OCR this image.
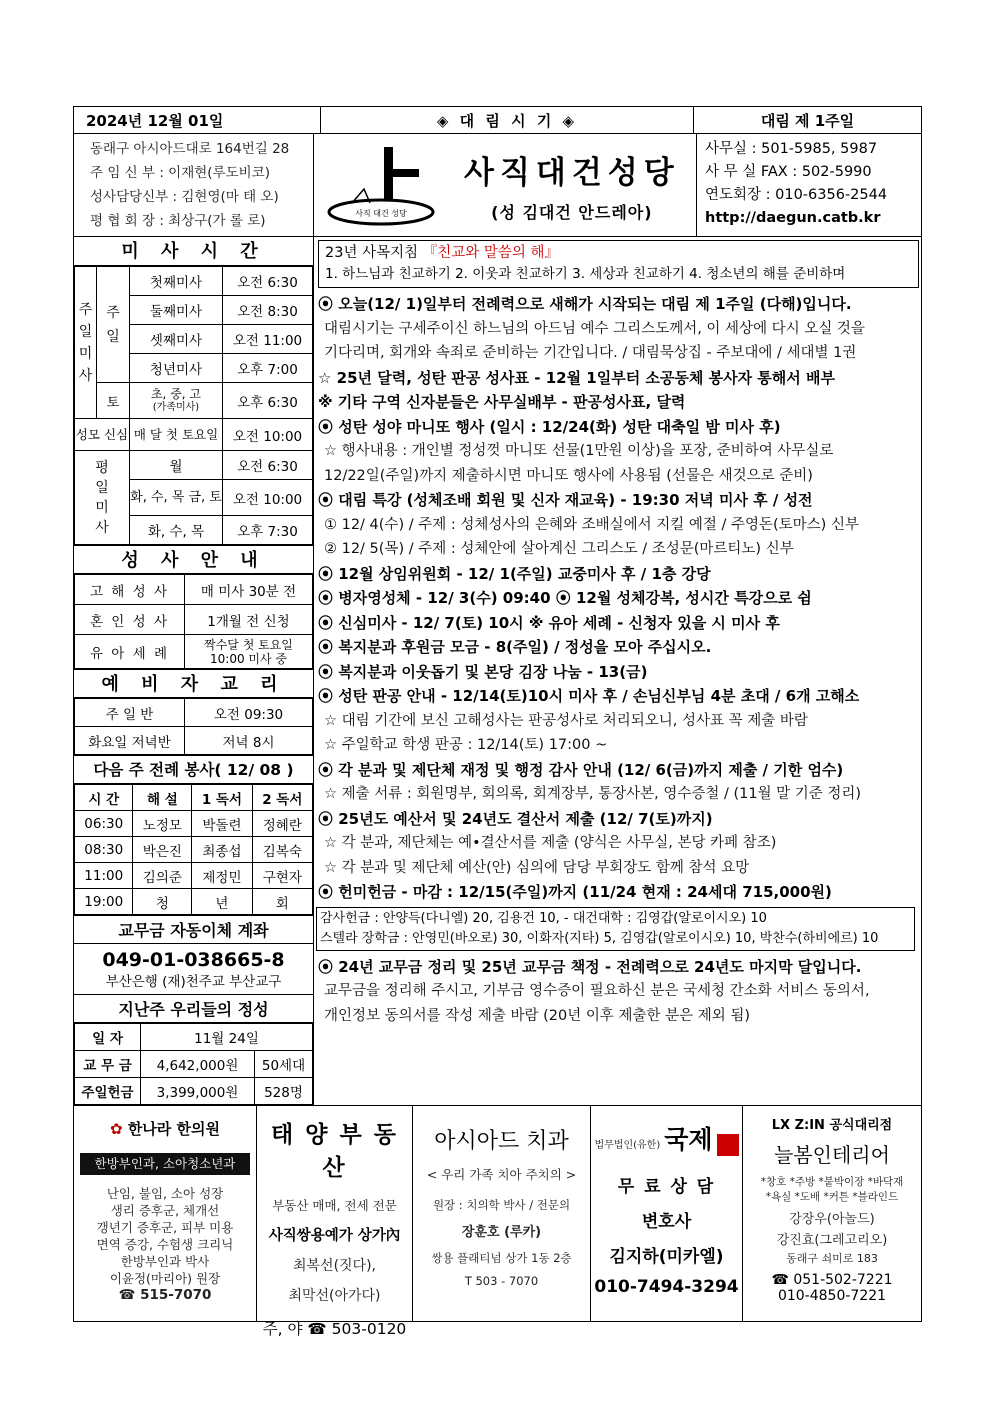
2024년 12월 01일	◈ 대 림 시 기 ◈	대림 제 1주일
동래구 아시아드대로 164번길 28
주 임 신 부 : 이재현(루도비코)
성사담당신부 : 김현영(마 태 오)
평 협 회 장 : 최상구(가 롤 로)	사직 대건 성당
사직대건성당
(성 김대건 안드레아)
사무실 : 501-5985, 5987
사 무 실 FAX : 502-5990
연도회장 : 010-6356-2544
http://daegun.catb.kr
미 사 시 간
주
일
미
사	주
일	첫째미사	오전 6:30
		둘째미사	오전 8:30
		셋째미사	오전 11:00
		청년미사	오후 7:00
	토	초, 중, 고
(가족미사)	오후 6:30
성모 신심		매 달 첫 토요일	오전 10:00
평
일
미
사		월	오전 6:30
		화, 수, 목 금, 토	오전 10:00
		화, 수, 목	오후 7:30
성 사 안 내
고 해 성 사	매 미사 30분 전
혼 인 성 사	1개월 전 신청
유 아 세 례	짝수달 첫 토요일 10:00 미사 중
예 비 자 교 리
주 일 반	오전 09:30
화요일 저녁반	저녁 8시
다음 주 전례 봉사( 12/ 08 )
시 간	해 설	1 독서	2 독서
06:30	노정모	박돌련	정혜란
08:30	박은진	최종섭	김복숙
11:00	김의준	제정민	구현자
19:00	청	년	회
교무금 자동이체 계좌
049-01-038665-8
부산은행 (재)천주교 부산교구
지난주 우리들의 정성
일 자	11월 24일	
교 무 금	4,642,000원	50세대
주일헌금	3,399,000원	528명
23년 사목지침 『친교와 말씀의 해』
1. 하느님과 친교하기 2. 이웃과 친교하기 3. 세상과 친교하기 4. 청소년의 해를 준비하며
⦿ 오늘(12/ 1)일부터 전례력으로 새해가 시작되는 대림 제 1주일 (다해)입니다.
대림시기는 구세주이신 하느님의 아드님 예수 그리스도께서, 이 세상에 다시 오실 것을
기다리며, 회개와 속죄로 준비하는 기간입니다. / 대림묵상집 - 주보대에 / 세대별 1권
☆ 25년 달력, 성탄 판공 성사표 - 12월 1일부터 소공동체 봉사자 통해서 배부
※ 기타 구역 신자분들은 사무실배부 - 판공성사표, 달력
⦿ 성탄 성야 마니또 행사 (일시 : 12/24(화) 성탄 대축일 밤 미사 후)
☆ 행사내용 : 개인별 정성껏 마니또 선물(1만원 이상)을 포장, 준비하여 사무실로
12/22일(주일)까지 제출하시면 마니또 행사에 사용됨 (선물은 새것으로 준비)
⦿ 대림 특강 (성체조배 회원 및 신자 재교육) - 19:30 저녁 미사 후 / 성전
① 12/ 4(수) / 주제 : 성체성사의 은혜와 조배실에서 지킬 예절 / 주영돈(토마스) 신부
② 12/ 5(목) / 주제 : 성체안에 살아계신 그리스도 / 조성문(마르티노) 신부
⦿ 12월 상임위원회 - 12/ 1(주일) 교중미사 후 / 1층 강당
⦿ 병자영성체 - 12/ 3(수) 09:40 ⦿ 12월 성체강복, 성시간 특강으로 쉼
⦿ 신심미사 - 12/ 7(토) 10시 ※ 유아 세례 - 신청자 있을 시 미사 후
⦿ 복지분과 후원금 모금 - 8(주일) / 정성을 모아 주십시오.
⦿ 복지분과 이웃돕기 및 본당 김장 나눔 - 13(금)
⦿ 성탄 판공 안내 - 12/14(토)10시 미사 후 / 손님신부님 4분 초대 / 6개 고해소
☆ 대림 기간에 보신 고해성사는 판공성사로 처리되오니, 성사표 꼭 제출 바람
☆ 주일학교 학생 판공 : 12/14(토) 17:00 ~
⦿ 각 분과 및 제단체 재정 및 행정 감사 안내 (12/ 6(금)까지 제출 / 기한 엄수)
☆ 제출 서류 : 회원명부, 회의록, 회계장부, 통장사본, 영수증철 / (11월 말 기준 정리)
⦿ 25년도 예산서 및 24년도 결산서 제출 (12/ 7(토)까지)
☆ 각 분과, 제단체는 예•결산서를 제출 (양식은 사무실, 본당 카페 참조)
☆ 각 분과 및 제단체 예산(안) 심의에 담당 부회장도 함께 참석 요망
⦿ 헌미헌금 - 마감 : 12/15(주일)까지 (11/24 현재 : 24세대 715,000원)
감사헌금 : 안양득(다니엘) 20, 김용건 10, - 대건대학 : 김영갑(알로이시오) 10
스텔라 장학금 : 안영민(바오로) 30, 이화자(지타) 5, 김영갑(알로이시오) 10, 박찬수(하비에르) 10
⦿ 24년 교무금 정리 및 25년 교무금 책정 - 전례력으로 24년도 마지막 달입니다.
교무금을 정리해 주시고, 기부금 영수증이 필요하신 분은 국세청 간소화 서비스 동의서,
개인정보 동의서를 작성 제출 바람 (20년 이후 제출한 분은 제외 됨)
✿ 한나라 한의원
한방부인과, 소아청소년과
난임, 불임, 소아 성장
생리 증후군, 체개선
갱년기 증후군, 피부 미용
면역 증강, 수험생 크리닉
한방부인과 박사
이윤정(마리아) 원장
☎ 515-7070
태 양 부 동 산
부동산 매매, 전세 전문
사직쌍용예가 상가內
최복선(짓다),
최막선(아가다)
주, 야 ☎ 503-0120
아시아드 치과
< 우리 가족 치아 주치의 >
원장 : 치의학 박사 / 전문의
장훈호 (루카)
쌍용 플래티넘 상가 1동 2층
T 503 - 7070
법무법인(유한) 국제
무 료 상 담
변호사
김지하(미카엘)
010-7494-3294
LX Z:IN 공식대리점
늘봄인테리어
*창호 *주방 *붙박이장 *바닥재
*욕실 *도배 *커튼 *블라인드
강장우(아놀드)
강진효(그레고리오)
동래구 쇠미로 183
☎ 051-502-7221
010-4850-7221
